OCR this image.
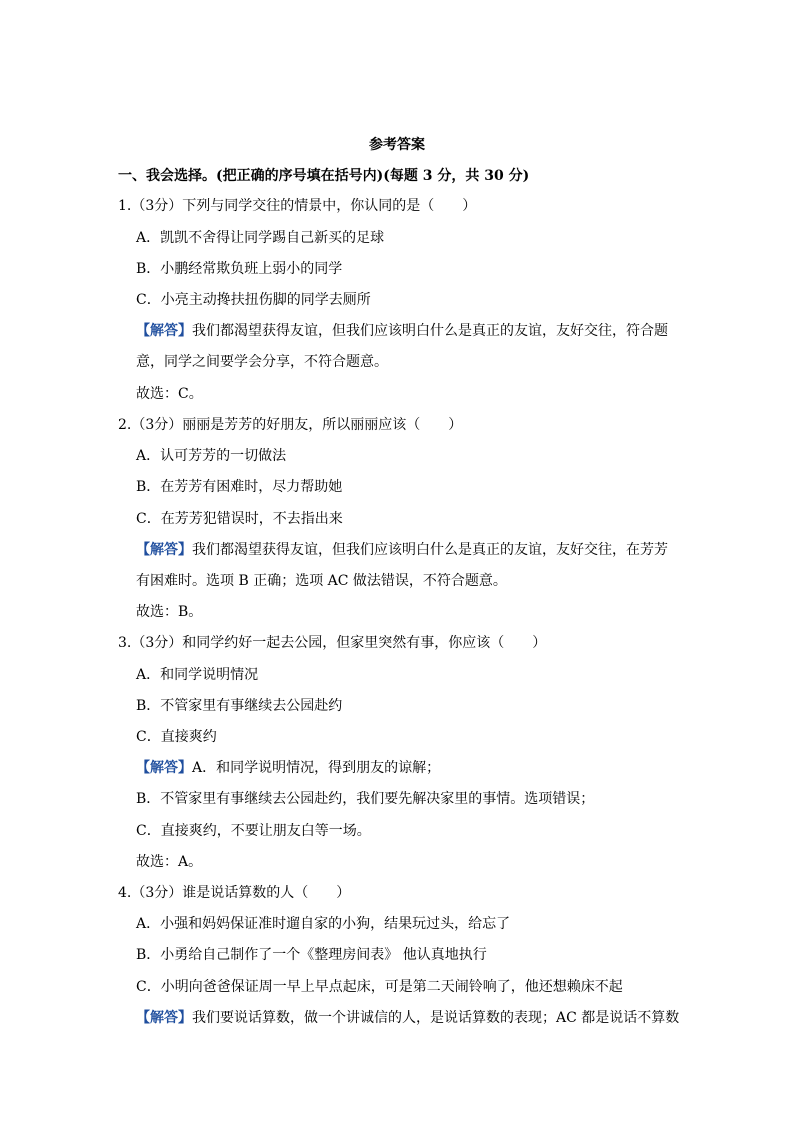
参考答案
一、我会选择。(把正确的序号填在括号内)(每题 3 分，共 30 分)
1.（3分）下列与同学交往的情景中，你认同的是（　　）
A．凯凯不舍得让同学踢自己新买的足球
B．小鹏经常欺负班上弱小的同学
C．小亮主动搀扶扭伤脚的同学去厕所
【解答】我们都渴望获得友谊，但我们应该明白什么是真正的友谊，友好交往，符合题
意，同学之间要学会分享，不符合题意。
故选：C。
2.（3分）丽丽是芳芳的好朋友，所以丽丽应该（　　）
A．认可芳芳的一切做法
B．在芳芳有困难时，尽力帮助她
C．在芳芳犯错误时，不去指出来
【解答】我们都渴望获得友谊，但我们应该明白什么是真正的友谊，友好交往，在芳芳
有困难时。选项 B 正确；选项 AC 做法错误，不符合题意。
故选：B。
3.（3分）和同学约好一起去公园，但家里突然有事，你应该（　　）
A．和同学说明情况
B．不管家里有事继续去公园赴约
C．直接爽约
【解答】A．和同学说明情况，得到朋友的谅解；
B．不管家里有事继续去公园赴约，我们要先解决家里的事情。选项错误；
C．直接爽约，不要让朋友白等一场。
故选：A。
4.（3分）谁是说话算数的人（　　）
A．小强和妈妈保证准时遛自家的小狗，结果玩过头，给忘了
B．小勇给自己制作了一个《整理房间表》 他认真地执行
C．小明向爸爸保证周一早上早点起床，可是第二天闹铃响了，他还想赖床不起
【解答】我们要说话算数，做一个讲诚信的人，是说话算数的表现；AC 都是说话不算数
